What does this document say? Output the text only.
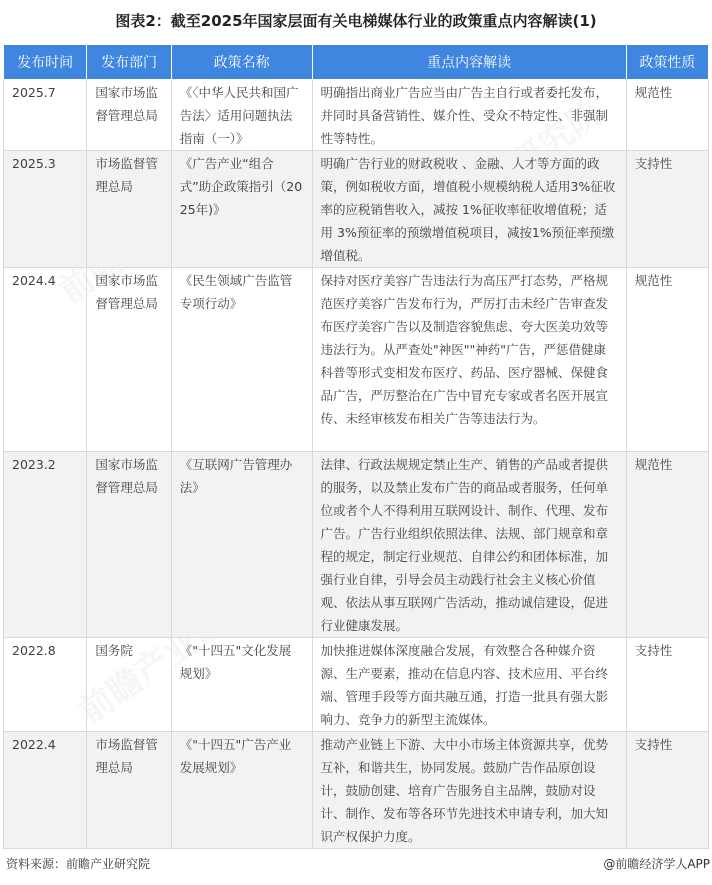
图表2：截至2025年国家层面有关电梯媒体行业的政策重点内容解读(1)
发布时间	发布部门	政策名称	重点内容解读	政策性质
2025.7	国家市场监督管理总局	《〈中华人民共和国广告法〉适用问题执法指南（一）》	明确指出商业广告应当由广告主自行或者委托发布，并同时具备营销性、媒介性、受众不特定性、非强制性等特性。	规范性
2025.3	市场监督管理总局	《广告产业“组合式”助企政策指引（2025年)》	明确广告行业的财政税收 、金融、人才等方面的政策，例如税收方面，增值税小规模纳税人适用3%征收率的应税销售收入，减按 1%征收率征收增值税；适用 3%预征率的预缴增值税项目，减按1%预征率预缴增值税。	支持性
2024.4	国家市场监督管理总局	《民生领域广告监管专项行动》	保持对医疗美容广告违法行为高压严打态势，严格规范医疗美容广告发布行为，严厉打击未经广告审查发布医疗美容广告以及制造容貌焦虑、夸大医美功效等违法行为。从严查处"神医""神药"广告，严惩借健康科普等形式变相发布医疗、药品、医疗器械、保健食品广告，严厉整治在广告中冒充专家或者名医开展宣传、未经审核发布相关广告等违法行为。	规范性
2023.2	国家市场监督管理总局	《互联网广告管理办法》	法律、行政法规规定禁止生产、销售的产品或者提供的服务，以及禁止发布广告的商品或者服务，任何单位或者个人不得利用互联网设计、制作、代理、发布广告。广告行业组织依照法律、法规、部门规章和章程的规定，制定行业规范、自律公约和团体标准，加强行业自律，引导会员主动践行社会主义核心价值观、依法从事互联网广告活动，推动诚信建设，促进行业健康发展。	规范性
2022.8	国务院	《"十四五"文化发展规划》	加快推进媒体深度融合发展，有效整合各种媒介资源、生产要素，推动在信息内容、技术应用、平台终端、管理手段等方面共融互通，打造一批具有强大影响力、竞争力的新型主流媒体。	支持性
2022.4	市场监督管理总局	《"十四五"广告产业发展规划》	推动产业链上下游、大中小市场主体资源共享，优势互补，和谐共生，协同发展。鼓励广告作品原创设计，鼓励创建、培育广告服务自主品牌，鼓励对设计、制作、发布等各环节先进技术申请专利，加大知识产权保护力度。	支持性
资料来源：前瞻产业研究院	@前瞻经济学人APP
